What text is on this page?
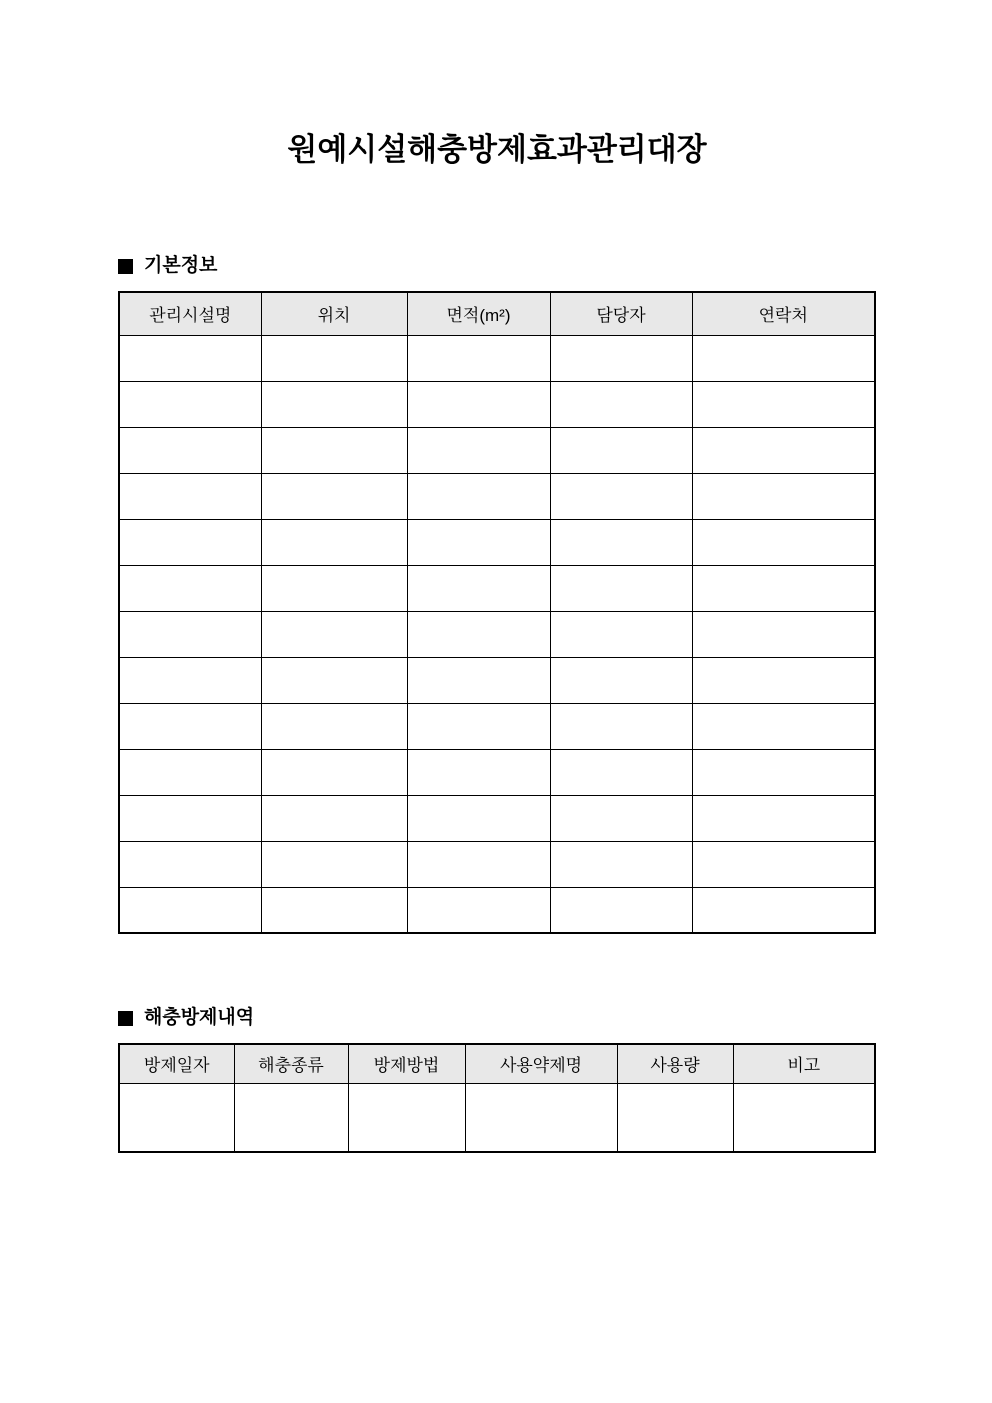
원예시설해충방제효과관리대장
기본정보
관리시설명	위치	면적(m²)	담당자	연락처

해충방제내역
방제일자	해충종류	방제방법	사용약제명	사용량	비고
